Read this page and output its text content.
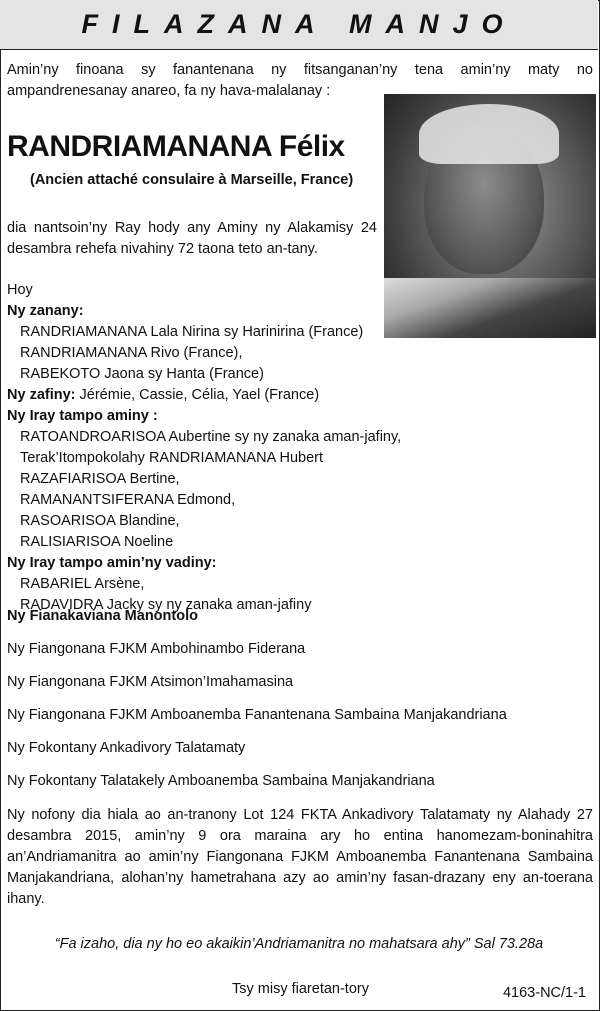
FILAZANA MANJO

Amin’ny finoana sy fanantenana ny fitsanganan’ny tena amin’ny maty no ampandrenesanay anareo, fa ny hava-malalanay :

RANDRIAMANANA Félix
(Ancien attaché consulaire à Marseille, France)

dia nantsoin’ny Ray hody any Aminy ny Alakamisy 24 desambra rehefa nivahiny 72 taona teto an-tany.

Hoy
Ny zanany:
RANDRIAMANANA Lala Nirina sy Harinirina (France)
RANDRIAMANANA Rivo (France),
RABEKOTO Jaona sy Hanta (France)
Ny zafiny: Jérémie, Cassie, Célia, Yael (France)
Ny Iray tampo aminy :
RATOANDROARISOA Aubertine sy ny zanaka aman-jafiny,
Terak’Itompokolahy RANDRIAMANANA Hubert
RAZAFIARISOA Bertine,
RAMANANTSIFERANA Edmond,
RASOARISOA Blandine,
RALISIARISOA Noeline
Ny Iray tampo amin’ny vadiny:
RABARIEL Arsène,
RADAVIDRA Jacky sy ny zanaka aman-jafiny
Ny Fianakaviana Manontolo
Ny Fiangonana FJKM Ambohinambo Fiderana
Ny Fiangonana FJKM Atsimon’Imahamasina
Ny Fiangonana FJKM Amboanemba Fanantenana Sambaina Manjakandriana
Ny Fokontany Ankadivory Talatamaty
Ny Fokontany Talatakely Amboanemba Sambaina Manjakandriana

Ny nofony dia hiala ao an-tranony Lot 124 FKTA Ankadivory Talatamaty ny Alahady 27 desambra 2015, amin’ny 9 ora maraina ary ho entina hanomezam-boninahitra an’Andriamanitra ao amin’ny Fiangonana FJKM Amboanemba Fanantenana Sambaina Manjakandriana, alohan’ny hametrahana azy ao amin’ny fasan-drazany eny an-toerana ihany.

“Fa izaho, dia ny ho eo akaikin’Andriamanitra no mahatsara ahy” Sal 73.28a
Tsy misy fiaretan-tory	4163-NC/1-1
